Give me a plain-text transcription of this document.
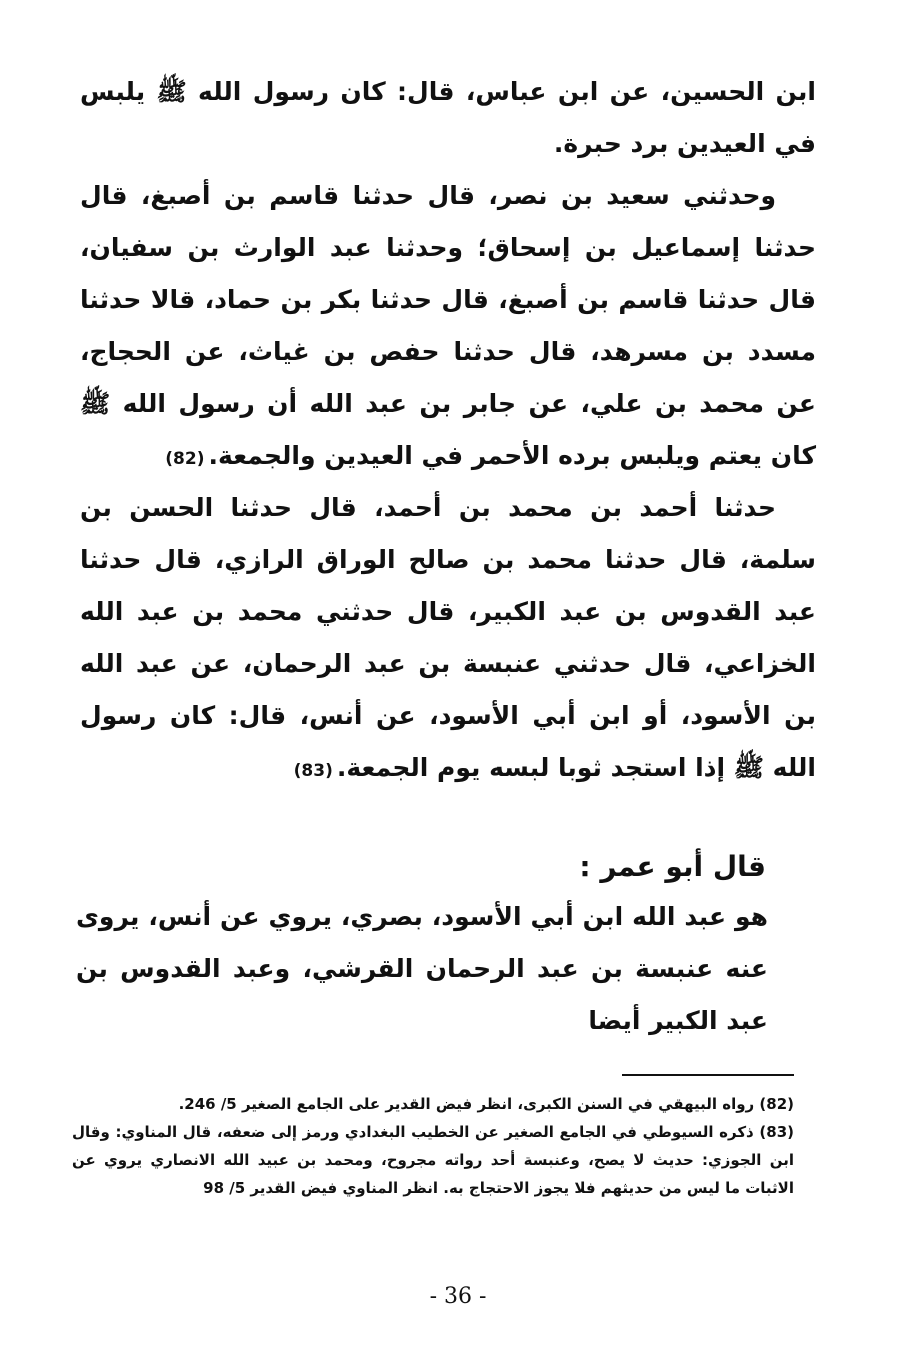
ابن الحسين، عن ابن عباس، قال: كان رسول الله ﷺ يلبس في العيدين برد حبرة.

وحدثني سعيد بن نصر، قال حدثنا قاسم بن أصبغ، قال حدثنا إسماعيل بن إسحاق؛ وحدثنا عبد الوارث بن سفيان، قال حدثنا قاسم بن أصبغ، قال حدثنا بكر بن حماد، قالا حدثنا مسدد بن مسرهد، قال حدثنا حفص بن غياث، عن الحجاج، عن محمد بن علي، عن جابر بن عبد الله أن رسول الله ﷺ كان يعتم ويلبس برده الأحمر في العيدين والجمعة.(82)

حدثنا أحمد بن محمد بن أحمد، قال حدثنا الحسن بن سلمة، قال حدثنا محمد بن صالح الوراق الرازي، قال حدثنا عبد القدوس بن عبد الكبير، قال حدثني محمد بن عبد الله الخزاعي، قال حدثني عنبسة بن عبد الرحمان، عن عبد الله بن الأسود، أو ابن أبي الأسود، عن أنس، قال: كان رسول الله ﷺ إذا استجد ثوبا لبسه يوم الجمعة.(83)

قال أبو عمر :

هو عبد الله ابن أبي الأسود، بصري، يروي عن أنس، يروى عنه عنبسة بن عبد الرحمان القرشي، وعبد القدوس بن عبد الكبير أيضا

(82) رواه البيهقي في السنن الكبرى، انظر فيض القدير على الجامع الصغير 5/ 246.

(83) ذكره السيوطي في الجامع الصغير عن الخطيب البغدادي ورمز إلى ضعفه، قال المناوي: وقال ابن الجوزي: حديث لا يصح، وعنبسة أحد رواته مجروح، ومحمد بن عبيد الله الانصاري يروي عن الاثبات ما ليس من حديثهم فلا يجوز الاحتجاج به. انظر المناوي فيض القدير 5/ 98

- 36 -
